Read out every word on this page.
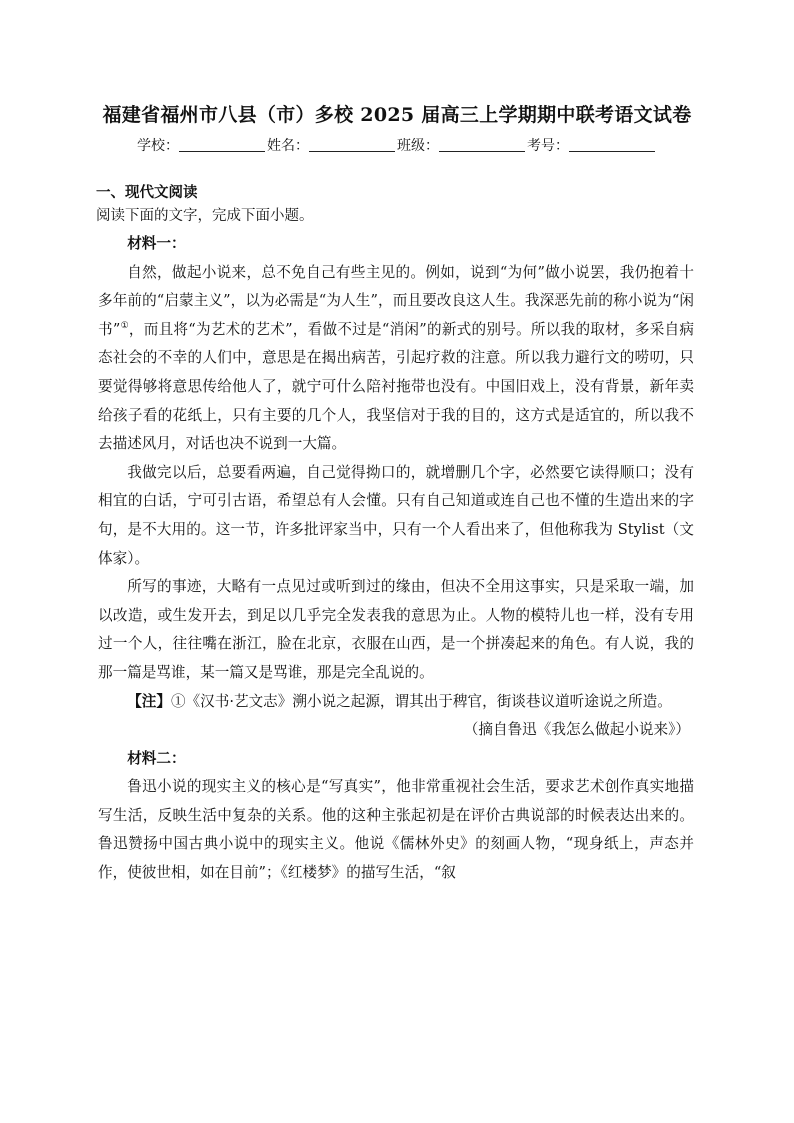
福建省福州市八县（市）多校 2025 届高三上学期期中联考语文试卷
学校：	姓名：	班级：	考号：
一、现代文阅读
阅读下面的文字，完成下面小题。

材料一：

自然，做起小说来，总不免自己有些主见的。例如，说到“为何”做小说罢，我仍抱着十多年前的“启蒙主义”，以为必需是“为人生”，而且要改良这人生。我深恶先前的称小说为“闲书”①，而且将“为艺术的艺术”，看做不过是“消闲”的新式的别号。所以我的取材，多采自病态社会的不幸的人们中，意思是在揭出病苦，引起疗救的注意。所以我力避行文的唠叨，只要觉得够将意思传给他人了，就宁可什么陪衬拖带也没有。中国旧戏上，没有背景，新年卖给孩子看的花纸上，只有主要的几个人，我坚信对于我的目的，这方式是适宜的，所以我不去描述风月，对话也决不说到一大篇。

我做完以后，总要看两遍，自己觉得拗口的，就增删几个字，必然要它读得顺口；没有相宜的白话，宁可引古语，希望总有人会懂。只有自己知道或连自己也不懂的生造出来的字句，是不大用的。这一节，许多批评家当中，只有一个人看出来了，但他称我为 Stylist（文体家）。

所写的事迹，大略有一点见过或听到过的缘由，但决不全用这事实，只是采取一端，加以改造，或生发开去，到足以几乎完全发表我的意思为止。人物的模特儿也一样，没有专用过一个人，往往嘴在浙江，脸在北京，衣服在山西，是一个拼凑起来的角色。有人说，我的那一篇是骂谁，某一篇又是骂谁，那是完全乱说的。

【注】①《汉书·艺文志》溯小说之起源，谓其出于稗官，街谈巷议道听途说之所造。

（摘自鲁迅《我怎么做起小说来》）

材料二：

鲁迅小说的现实主义的核心是“写真实”，他非常重视社会生活，要求艺术创作真实地描写生活，反映生活中复杂的关系。他的这种主张起初是在评价古典说部的时候表达出来的。鲁迅赞扬中国古典小说中的现实主义。他说《儒林外史》的刻画人物，“现身纸上，声态并作，使彼世相，如在目前”；《红楼梦》的描写生活，“叙
